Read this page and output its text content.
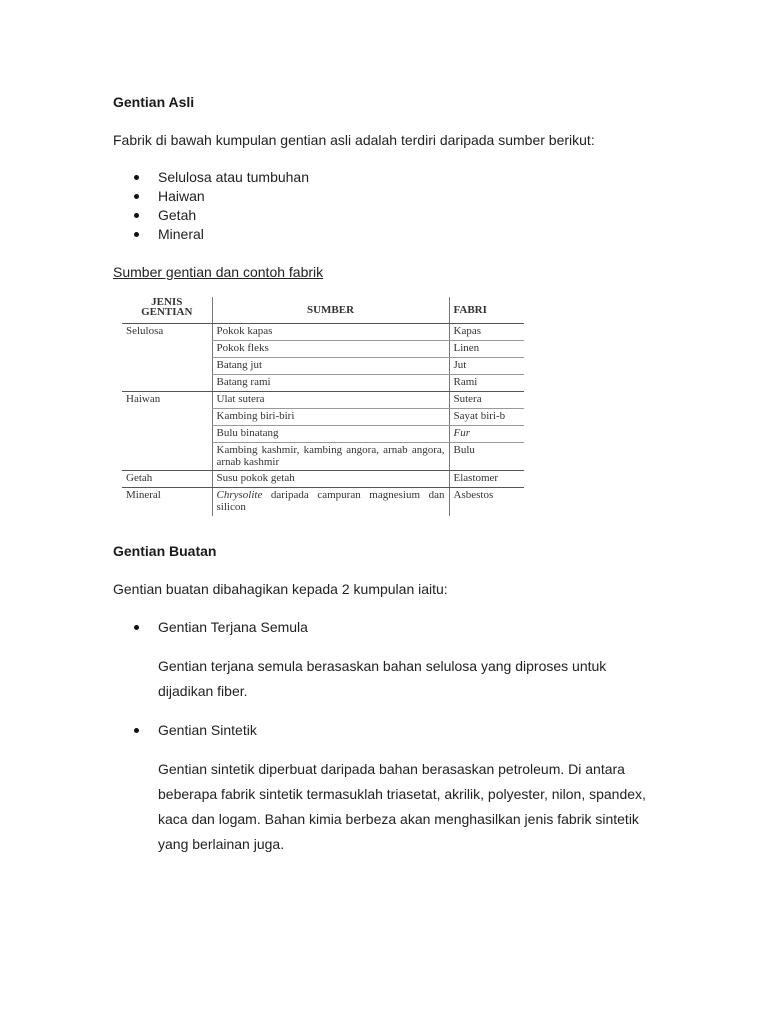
Gentian Asli
Fabrik di bawah kumpulan gentian asli adalah terdiri daripada sumber berikut:
Selulosa atau tumbuhan
Haiwan
Getah
Mineral
Sumber gentian dan contoh fabrik
JENIS
GENTIAN	SUMBER	FABRI
Selulosa	Pokok kapas	Kapas
	Pokok fleks	Linen
	Batang jut	Jut
	Batang rami	Rami
Haiwan	Ulat sutera	Sutera
	Kambing biri-biri	Sayat biri-b
	Bulu binatang	Fur
	Kambing kashmir, kambing angora, arnab angora, arnab kashmir	Bulu
Getah	Susu pokok getah	Elastomer
Mineral	Chrysolite daripada campuran magnesium dan silicon	Asbestos
Gentian Buatan
Gentian buatan dibahagikan kepada 2 kumpulan iaitu:
Gentian Terjana Semula
Gentian terjana semula berasaskan bahan selulosa yang diproses untuk
dijadikan fiber.
Gentian Sintetik
Gentian sintetik diperbuat daripada bahan berasaskan petroleum. Di antara
beberapa fabrik sintetik termasuklah triasetat, akrilik, polyester, nilon, spandex,
kaca dan logam. Bahan kimia berbeza akan menghasilkan jenis fabrik sintetik
yang berlainan juga.
